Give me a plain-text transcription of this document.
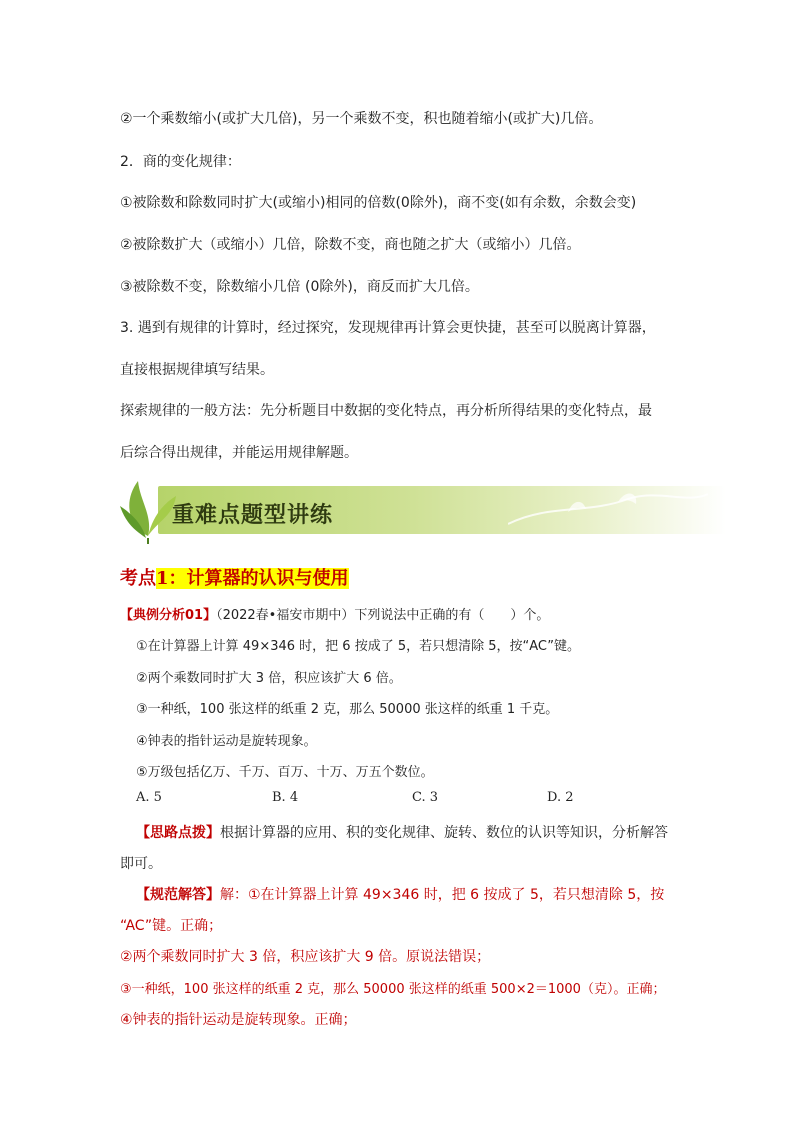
②一个乘数缩小(或扩大几倍)，另一个乘数不变，积也随着缩小(或扩大)几倍。
2．商的变化规律：
①被除数和除数同时扩大(或缩小)相同的倍数(0除外)，商不变(如有余数，余数会变)
②被除数扩大（或缩小）几倍，除数不变，商也随之扩大（或缩小）几倍。
③被除数不变，除数缩小几倍 (0除外)，商反而扩大几倍。
3. 遇到有规律的计算时，经过探究，发现规律再计算会更快捷，甚至可以脱离计算器，
直接根据规律填写结果。
探索规律的一般方法：先分析题目中数据的变化特点，再分析所得结果的变化特点，最
后综合得出规律，并能运用规律解题。
重难点题型讲练
考点1：计算器的认识与使用
【典例分析01】（2022春•福安市期中）下列说法中正确的有（　　）个。
①在计算器上计算 49×346 时，把 6 按成了 5，若只想清除 5，按“AC”键。
②两个乘数同时扩大 3 倍，积应该扩大 6 倍。
③一种纸，100 张这样的纸重 2 克，那么 50000 张这样的纸重 1 千克。
④钟表的指针运动是旋转现象。
⑤万级包括亿万、千万、百万、十万、万五个数位。
A. 5	B. 4	C. 3	D. 2
【思路点拨】根据计算器的应用、积的变化规律、旋转、数位的认识等知识，分析解答
即可。
【规范解答】解：①在计算器上计算 49×346 时，把 6 按成了 5，若只想清除 5，按
“AC”键。正确；
②两个乘数同时扩大 3 倍，积应该扩大 9 倍。原说法错误；
③一种纸，100 张这样的纸重 2 克，那么 50000 张这样的纸重 500×2＝1000（克）。正确；
④钟表的指针运动是旋转现象。正确；
